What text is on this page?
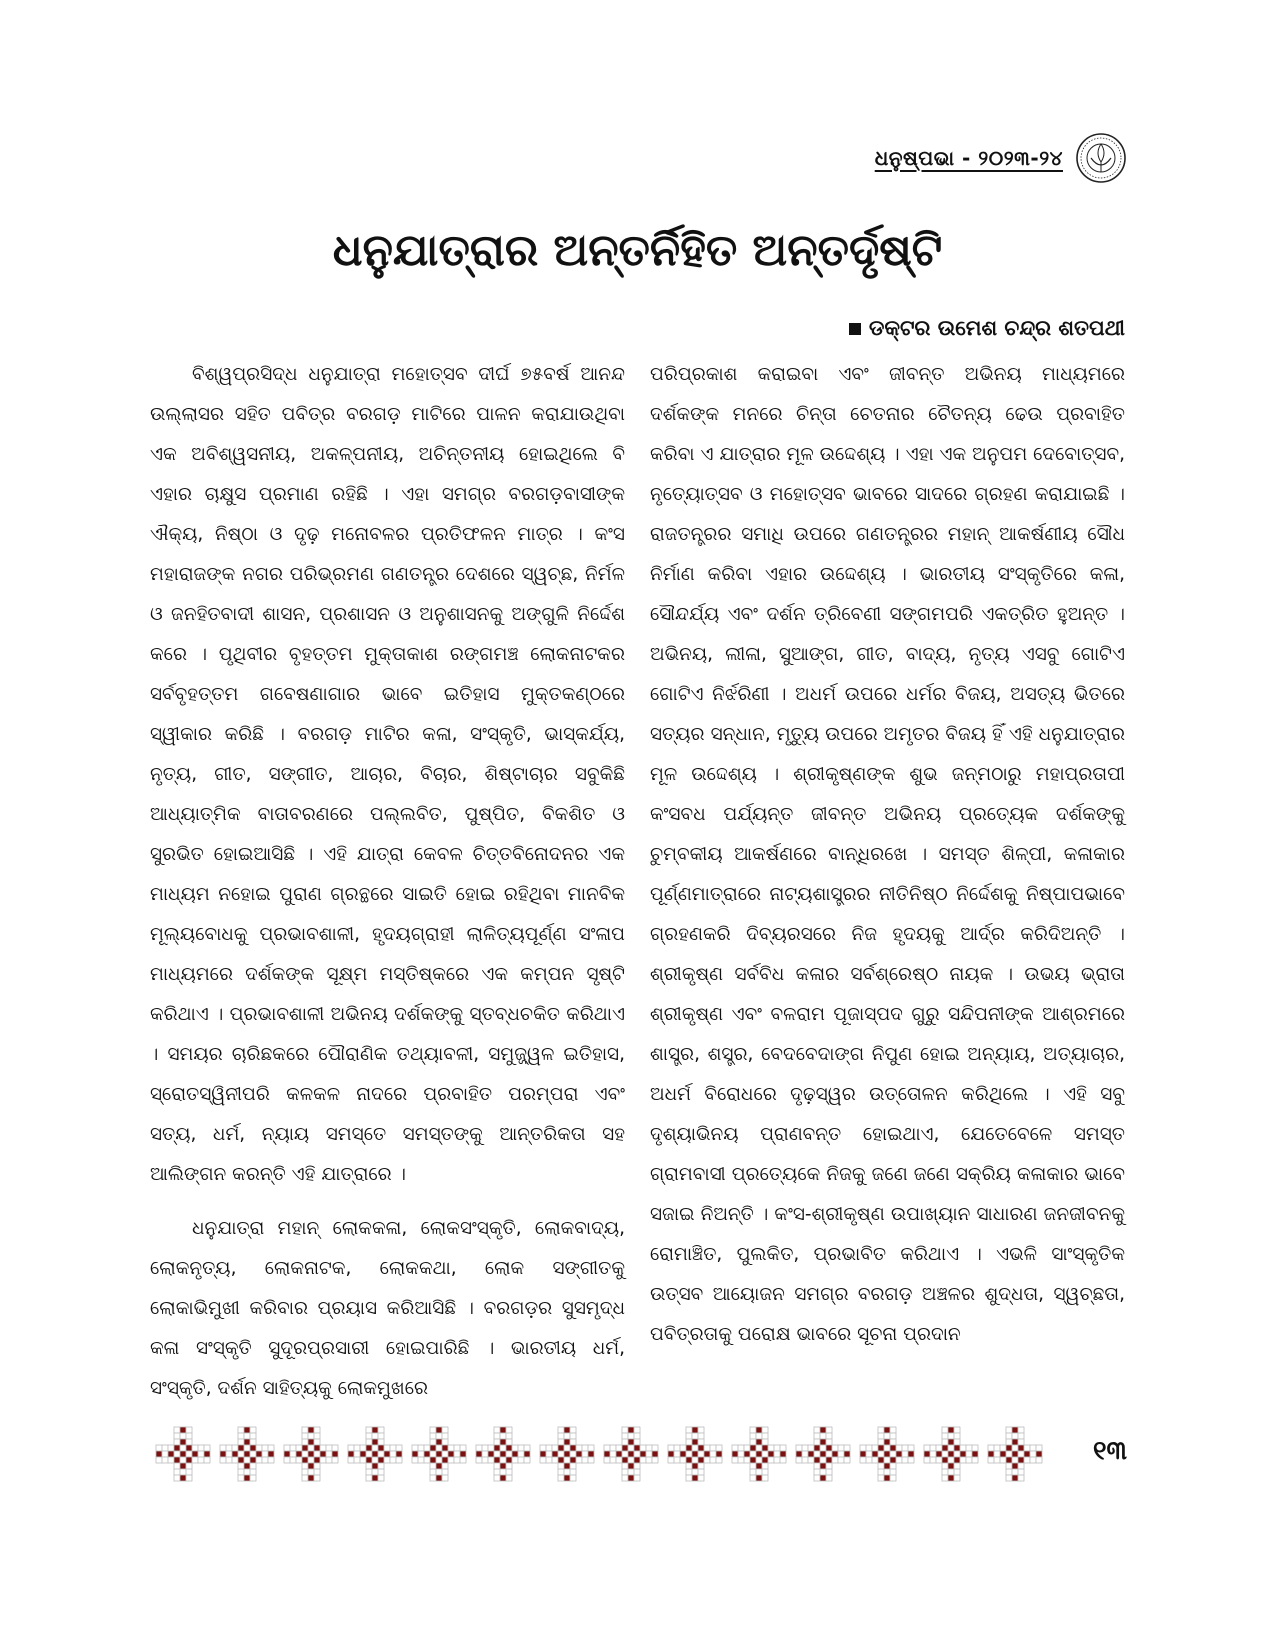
ଧନୁଷ୍ପଭା - ୨୦୨୩-୨୪
ଧନୁଯାତ୍ରାର ଅନ୍ତର୍ନିହିତ ଅନ୍ତର୍ଦୃଷ୍ଟି
ଡକ୍ଟର ଉମେଶ ଚନ୍ଦ୍ର ଶତପଥୀ

ବିଶ୍ୱପ୍ରସିଦ୍ଧ ଧନୁଯାତ୍ରା ମହୋତ୍ସବ ଦୀର୍ଘ ୭୫ବର୍ଷ ଆନନ୍ଦ ଉଲ୍ଲାସର ସହିତ ପବିତ୍ର ବରଗଡ଼ ମାଟିରେ ପାଳନ କରାଯାଉଥିବା ଏକ ଅବିଶ୍ୱସନୀୟ, ଅକଳ୍ପନୀୟ, ଅଚିନ୍ତନୀୟ ହୋଇଥିଲେ ବି ଏହାର ଚାକ୍ଷୁସ ପ୍ରମାଣ ରହିଛି । ଏହା ସମଗ୍ର ବରଗଡ଼ବାସୀଙ୍କ ଐକ୍ୟ, ନିଷ୍ଠା ଓ ଦୃଢ଼ ମନୋବଳର ପ୍ରତିଫଳନ ମାତ୍ର । କଂସ ମହାରାଜଙ୍କ ନଗର ପରିଭ୍ରମଣ ଗଣତନ୍ତ୍ର ଦେଶରେ ସ୍ୱଚ୍ଛ, ନିର୍ମଳ ଓ ଜନହିତବାଦୀ ଶାସନ, ପ୍ରଶାସନ ଓ ଅନୁଶାସନକୁ ଅଙ୍ଗୁଳି ନିର୍ଦ୍ଦେଶ କରେ । ପୃଥିବୀର ବୃହତ୍ତମ ମୁକ୍ତାକାଶ ରଙ୍ଗମଞ୍ଚ ଲୋକନାଟକର ସର୍ବବୃହତ୍ତମ ଗବେଷଣାଗାର ଭାବେ ଇତିହାସ ମୁକ୍ତକଣ୍ଠରେ ସ୍ୱୀକାର କରିଛି । ବରଗଡ଼ ମାଟିର କଳା, ସଂସ୍କୃତି, ଭାସ୍କର୍ଯ୍ୟ, ନୃତ୍ୟ, ଗୀତ, ସଙ୍ଗୀତ, ଆଚାର, ବିଚାର, ଶିଷ୍ଟାଚାର ସବୁକିଛି ଆଧ୍ୟାତ୍ମିକ ବାତାବରଣରେ ପଲ୍ଲବିତ, ପୁଷ୍ପିତ, ବିକଶିତ ଓ ସୁରଭିତ ହୋଇଆସିଛି । ଏହି ଯାତ୍ରା କେବଳ ଚିତ୍ତବିନୋଦନର ଏକ ମାଧ୍ୟମ ନହୋଇ ପୁରାଣ ଗ୍ରନ୍ଥରେ ସାଇତି ହୋଇ ରହିଥିବା ମାନବିକ ମୂଲ୍ୟବୋଧକୁ ପ୍ରଭାବଶାଳୀ, ହୃଦୟଗ୍ରାହୀ ଲାଳିତ୍ୟପୂର୍ଣ୍ଣ ସଂଳାପ ମାଧ୍ୟମରେ ଦର୍ଶକଙ୍କ ସୂକ୍ଷ୍ମ ମସ୍ତିଷ୍କରେ ଏକ କମ୍ପନ ସୃଷ୍ଟି କରିଥାଏ । ପ୍ରଭାବଶାଳୀ ଅଭିନୟ ଦର୍ଶକଙ୍କୁ ସ୍ତବ୍ଧଚକିତ କରିଥାଏ । ସମୟର ଚାରିଛକରେ ପୌରାଣିକ ତଥ୍ୟାବଳୀ, ସମୁଜ୍ଜ୍ୱଳ ଇତିହାସ, ସ୍ରୋତସ୍ୱିନୀପରି କଳକଳ ନାଦରେ ପ୍ରବାହିତ ପରମ୍ପରା ଏବଂ ସତ୍ୟ, ଧର୍ମ, ନ୍ୟାୟ ସମସ୍ତେ ସମସ୍ତଙ୍କୁ ଆନ୍ତରିକତା ସହ ଆଲିଙ୍ଗନ କରନ୍ତି ଏହି ଯାତ୍ରାରେ ।

ଧନୁଯାତ୍ରା ମହାନ୍ ଲୋକକଳା, ଲୋକସଂସ୍କୃତି, ଲୋକବାଦ୍ୟ, ଲୋକନୃତ୍ୟ, ଲୋକନାଟକ, ଲୋକକଥା, ଲୋକ ସଙ୍ଗୀତକୁ ଲୋକାଭିମୁଖୀ କରିବାର ପ୍ରୟାସ କରିଆସିଛି । ବରଗଡ଼ର ସୁସମୃଦ୍ଧ କଳା ସଂସ୍କୃତି ସୁଦୂରପ୍ରସାରୀ ହୋଇପାରିଛି । ଭାରତୀୟ ଧର୍ମ, ସଂସ୍କୃତି, ଦର୍ଶନ ସାହିତ୍ୟକୁ ଲୋକମୁଖରେ

ପରିପ୍ରକାଶ କରାଇବା ଏବଂ ଜୀବନ୍ତ ଅଭିନୟ ମାଧ୍ୟମରେ ଦର୍ଶକଙ୍କ ମନରେ ଚିନ୍ତା ଚେତନାର ଚୈତନ୍ୟ ଢେଉ ପ୍ରବାହିତ କରିବା ଏ ଯାତ୍ରାର ମୂଳ ଉଦ୍ଦେଶ୍ୟ । ଏହା ଏକ ଅନୁପମ ଦେବୋତ୍ସବ, ନୃତ୍ୟୋତ୍ସବ ଓ ମହୋତ୍ସବ ଭାବରେ ସାଦରେ ଗ୍ରହଣ କରାଯାଇଛି । ରାଜତନ୍ତ୍ରର ସମାଧି ଉପରେ ଗଣତନ୍ତ୍ରର ମହାନ୍ ଆକର୍ଷଣୀୟ ସୌଧ ନିର୍ମାଣ କରିବା ଏହାର ଉଦ୍ଦେଶ୍ୟ । ଭାରତୀୟ ସଂସ୍କୃତିରେ କଳା, ସୌନ୍ଦର୍ଯ୍ୟ ଏବଂ ଦର୍ଶନ ତ୍ରିବେଣୀ ସଙ୍ଗମପରି ଏକତ୍ରିତ ହୁଅନ୍ତ । ଅଭିନୟ, ଲୀଳା, ସୁଆଙ୍ଗ, ଗୀତ, ବାଦ୍ୟ, ନୃତ୍ୟ ଏସବୁ ଗୋଟିଏ ଗୋଟିଏ ନିର୍ଝରିଣୀ । ଅଧର୍ମ ଉପରେ ଧର୍ମର ବିଜୟ, ଅସତ୍ୟ ଭିତରେ ସତ୍ୟର ସନ୍ଧାନ, ମୃତ୍ୟୁ ଉପରେ ଅମୃତର ବିଜୟ ହିଁ ଏହି ଧନୁଯାତ୍ରାର ମୂଳ ଉଦ୍ଦେଶ୍ୟ । ଶ୍ରୀକୃଷ୍ଣଙ୍କ ଶୁଭ ଜନ୍ମଠାରୁ ମହାପ୍ରତାପୀ କଂସବଧ ପର୍ଯ୍ୟନ୍ତ ଜୀବନ୍ତ ଅଭିନୟ ପ୍ରତ୍ୟେକ ଦର୍ଶକଙ୍କୁ ଚୁମ୍ବକୀୟ ଆକର୍ଷଣରେ ବାନ୍ଧିରଖେ । ସମସ୍ତ ଶିଳ୍ପୀ, କଳାକାର ପୂର୍ଣ୍ଣମାତ୍ରାରେ ନାଟ୍ୟଶାସ୍ତ୍ରର ନୀତିନିଷ୍ଠ ନିର୍ଦ୍ଦେଶକୁ ନିଷ୍ପାପଭାବେ ଗ୍ରହଣକରି ଦିବ୍ୟରସରେ ନିଜ ହୃଦୟକୁ ଆର୍ଦ୍ର କରିଦିଅନ୍ତି । ଶ୍ରୀକୃଷ୍ଣ ସର୍ବବିଧ କଳାର ସର୍ବଶ୍ରେଷ୍ଠ ନାୟକ । ଉଭୟ ଭ୍ରାତା ଶ୍ରୀକୃଷ୍ଣ ଏବଂ ବଳରାମ ପୂଜାସ୍ପଦ ଗୁରୁ ସନ୍ଦିପନୀଙ୍କ ଆଶ୍ରମରେ ଶାସ୍ତ୍ର, ଶସ୍ତ୍ର, ବେଦବେଦାଙ୍ଗ ନିପୁଣ ହୋଇ ଅନ୍ୟାୟ, ଅତ୍ୟାଚାର, ଅଧର୍ମ ବିରୋଧରେ ଦୃଢ଼ସ୍ୱର ଉତ୍ତୋଳନ କରିଥିଲେ । ଏହି ସବୁ ଦୃଶ୍ୟାଭିନୟ ପ୍ରାଣବନ୍ତ ହୋଇଥାଏ, ଯେତେବେଳେ ସମସ୍ତ ଗ୍ରାମବାସୀ ପ୍ରତ୍ୟେକେ ନିଜକୁ ଜଣେ ଜଣେ ସକ୍ରିୟ କଳାକାର ଭାବେ ସଜାଇ ନିଅନ୍ତି । କଂସ-ଶ୍ରୀକୃଷ୍ଣ ଉପାଖ୍ୟାନ ସାଧାରଣ ଜନଜୀବନକୁ ରୋମାଞ୍ଚିତ, ପୁଲକିତ, ପ୍ରଭାବିତ କରିଥାଏ । ଏଭଳି ସାଂସ୍କୃତିକ ଉତ୍ସବ ଆୟୋଜନ ସମଗ୍ର ବରଗଡ଼ ଅଞ୍ଚଳର ଶୁଦ୍ଧତା, ସ୍ୱଚ୍ଛତା, ପବିତ୍ରତାକୁ ପରୋକ୍ଷ ଭାବରେ ସୂଚନା ପ୍ରଦାନ

୧୩
